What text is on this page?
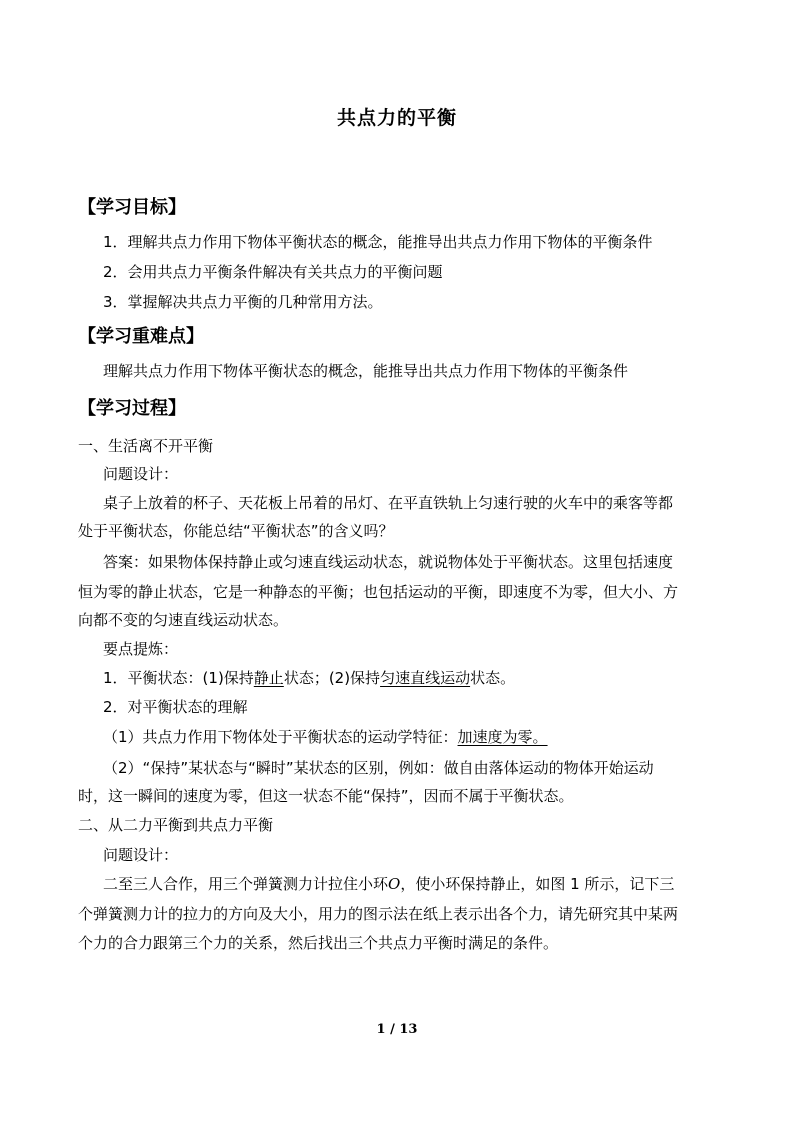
共点力的平衡
【学习目标】
1．理解共点力作用下物体平衡状态的概念，能推导出共点力作用下物体的平衡条件
2．会用共点力平衡条件解决有关共点力的平衡问题
3．掌握解决共点力平衡的几种常用方法。
【学习重难点】
理解共点力作用下物体平衡状态的概念，能推导出共点力作用下物体的平衡条件
【学习过程】
一、生活离不开平衡
问题设计：
桌子上放着的杯子、天花板上吊着的吊灯、在平直铁轨上匀速行驶的火车中的乘客等都
处于平衡状态，你能总结“平衡状态”的含义吗？
答案：如果物体保持静止或匀速直线运动状态，就说物体处于平衡状态。这里包括速度
恒为零的静止状态，它是一种静态的平衡；也包括运动的平衡，即速度不为零，但大小、方
向都不变的匀速直线运动状态。
要点提炼：
1．平衡状态：(1)保持静止状态；(2)保持匀速直线运动状态。
2．对平衡状态的理解
（1）共点力作用下物体处于平衡状态的运动学特征：加速度为零。
（2）“保持”某状态与“瞬时”某状态的区别，例如：做自由落体运动的物体开始运动
时，这一瞬间的速度为零，但这一状态不能“保持”，因而不属于平衡状态。
二、从二力平衡到共点力平衡
问题设计：
二至三人合作，用三个弹簧测力计拉住小环O，使小环保持静止，如图 1 所示，记下三
个弹簧测力计的拉力的方向及大小，用力的图示法在纸上表示出各个力，请先研究其中某两
个力的合力跟第三个力的关系，然后找出三个共点力平衡时满足的条件。
1 / 13
